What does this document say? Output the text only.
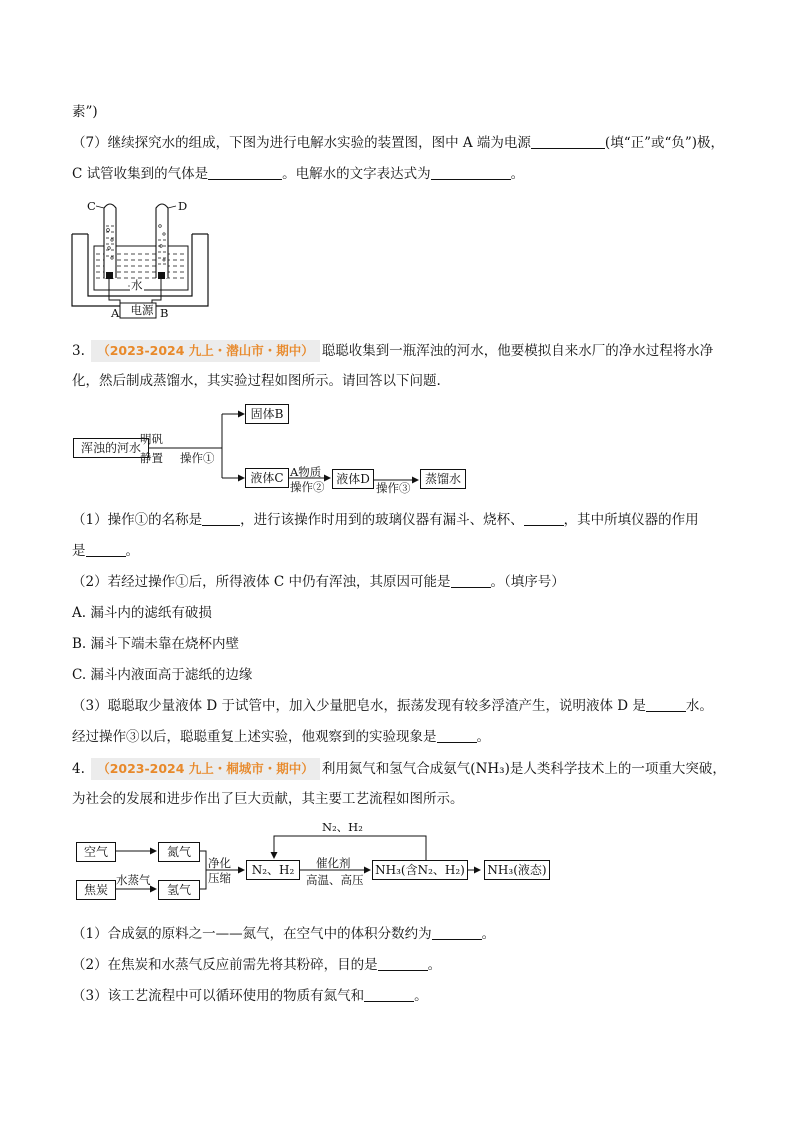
素”)
（7）继续探究水的组成，下图为进行电解水实验的装置图，图中 A 端为电源	(填“正”或“负”)极，
C 试管收集到的气体是	。电解水的文字表达式为	。
C	D
水
电源
A	B
3. （2023-2024 九上・潜山市・期中） 聪聪收集到一瓶浑浊的河水，他要模拟自来水厂的净水过程将水净
化，然后制成蒸馏水，其实验过程如图所示。请回答以下问题.
浑浊的河水
明矾
静置 操作①
固体B
液体C A物质
操作②
液体D
操作③
蒸馏水
（1）操作①的名称是	，进行该操作时用到的玻璃仪器有漏斗、烧杯、	，其中所填仪器的作用
是	。
（2）若经过操作①后，所得液体 C 中仍有浑浊，其原因可能是	。（填序号）
A. 漏斗内的滤纸有破损
B. 漏斗下端未靠在烧杯内壁
C. 漏斗内液面高于滤纸的边缘
（3）聪聪取少量液体 D 于试管中，加入少量肥皂水，振荡发现有较多浮渣产生，说明液体 D 是	水。
经过操作③以后，聪聪重复上述实验，他观察到的实验现象是	。
4. （2023-2024 九上・桐城市・期中） 利用氮气和氢气合成氨气(NH₃)是人类科学技术上的一项重大突破，
为社会的发展和进步作出了巨大贡献，其主要工艺流程如图所示。
空气
焦炭
水蒸气
氮气
氢气
净化
压缩
N₂、H₂
N₂、H₂
催化剂
高温、高压
NH₃(含N₂、H₂) NH₃(液态)
（1）合成氨的原料之一——氮气，在空气中的体积分数约为	。
（2）在焦炭和水蒸气反应前需先将其粉碎，目的是	。
（3）该工艺流程中可以循环使用的物质有氮气和	。
